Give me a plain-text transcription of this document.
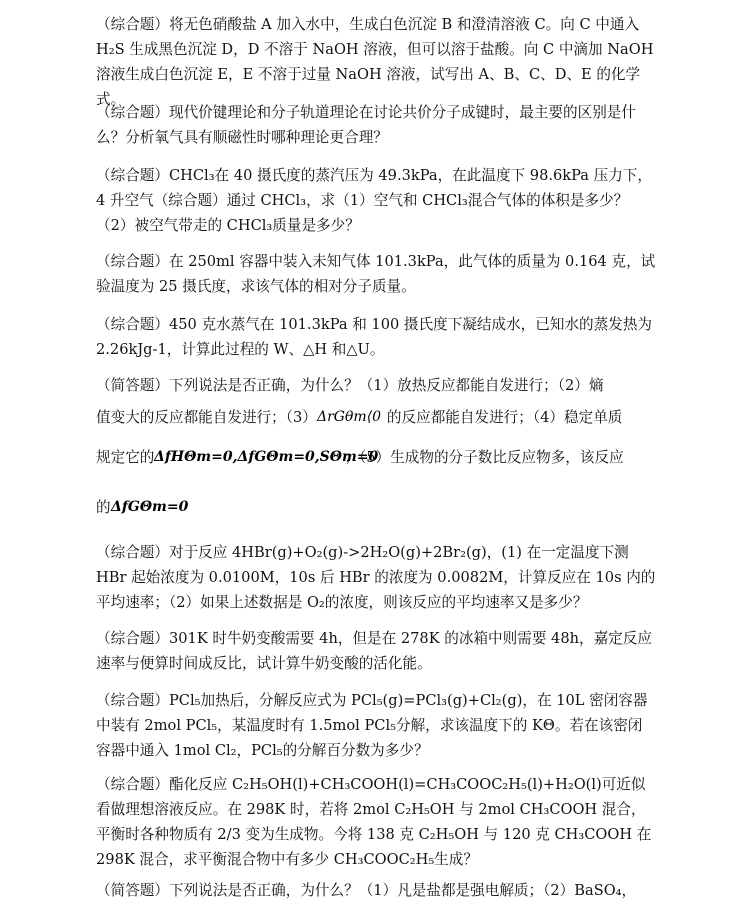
（综合题）将无色硝酸盐 A 加入水中，生成白色沉淀 B 和澄清溶液 C。向 C 中通入 H₂S 生成黑色沉淀 D，D 不溶于 NaOH 溶液，但可以溶于盐酸。向 C 中滴加 NaOH 溶液生成白色沉淀 E，E 不溶于过量 NaOH 溶液，试写出 A、B、C、D、E 的化学式。

（综合题）现代价键理论和分子轨道理论在讨论共价分子成键时，最主要的区别是什么？分析氧气具有顺磁性时哪种理论更合理？

（综合题）CHCl₃在 40 摄氏度的蒸汽压为 49.3kPa，在此温度下 98.6kPa 压力下，4 升空气（综合题）通过 CHCl₃，求（1）空气和 CHCl₃混合气体的体积是多少？（2）被空气带走的 CHCl₃质量是多少？

（综合题）在 250ml 容器中装入未知气体 101.3kPa，此气体的质量为 0.164 克，试验温度为 25 摄氏度，求该气体的相对分子质量。

（综合题）450 克水蒸气在 101.3kPa 和 100 摄氏度下凝结成水，已知水的蒸发热为 2.26kJg-1，计算此过程的 W、△H 和△U。

（简答题）下列说法是否正确，为什么？（1）放热反应都能自发进行；（2）熵
值变大的反应都能自发进行；（3） ΔrGθm⟨0 的反应都能自发进行；（4）稳定单质
规定它的 ΔfHΘm=0,ΔfGΘm=0,SΘm=0
；（5）生成物的分子数比反应物多，该反应
的 ΔfGΘm=0

（综合题）对于反应 4HBr(g)+O₂(g)->2H₂O(g)+2Br₂(g)，(1) 在一定温度下测 HBr 起始浓度为 0.0100M，10s 后 HBr 的浓度为 0.0082M，计算反应在 10s 内的平均速率；（2）如果上述数据是 O₂的浓度，则该反应的平均速率又是多少？

（综合题）301K 时牛奶变酸需要 4h，但是在 278K 的冰箱中则需要 48h，嘉定反应速率与便算时间成反比，试计算牛奶变酸的活化能。

（综合题）PCl₅加热后，分解反应式为 PCl₅(g)=PCl₃(g)+Cl₂(g)，在 10L 密闭容器中装有 2mol PCl₅，某温度时有 1.5mol PCl₅分解，求该温度下的 KΘ。若在该密闭容器中通入 1mol Cl₂，PCl₅的分解百分数为多少？

（综合题）酯化反应 C₂H₅OH(l)+CH₃COOH(l)=CH₃COOC₂H₅(l)+H₂O(l)可近似看做理想溶液反应。在 298K 时，若将 2mol C₂H₅OH 与 2mol CH₃COOH 混合，平衡时各种物质有 2/3 变为生成物。今将 138 克 C₂H₅OH 与 120 克 CH₃COOH 在 298K 混合，求平衡混合物中有多少 CH₃COOC₂H₅生成？

（简答题）下列说法是否正确，为什么？（1）凡是盐都是强电解质；（2）BaSO₄，
